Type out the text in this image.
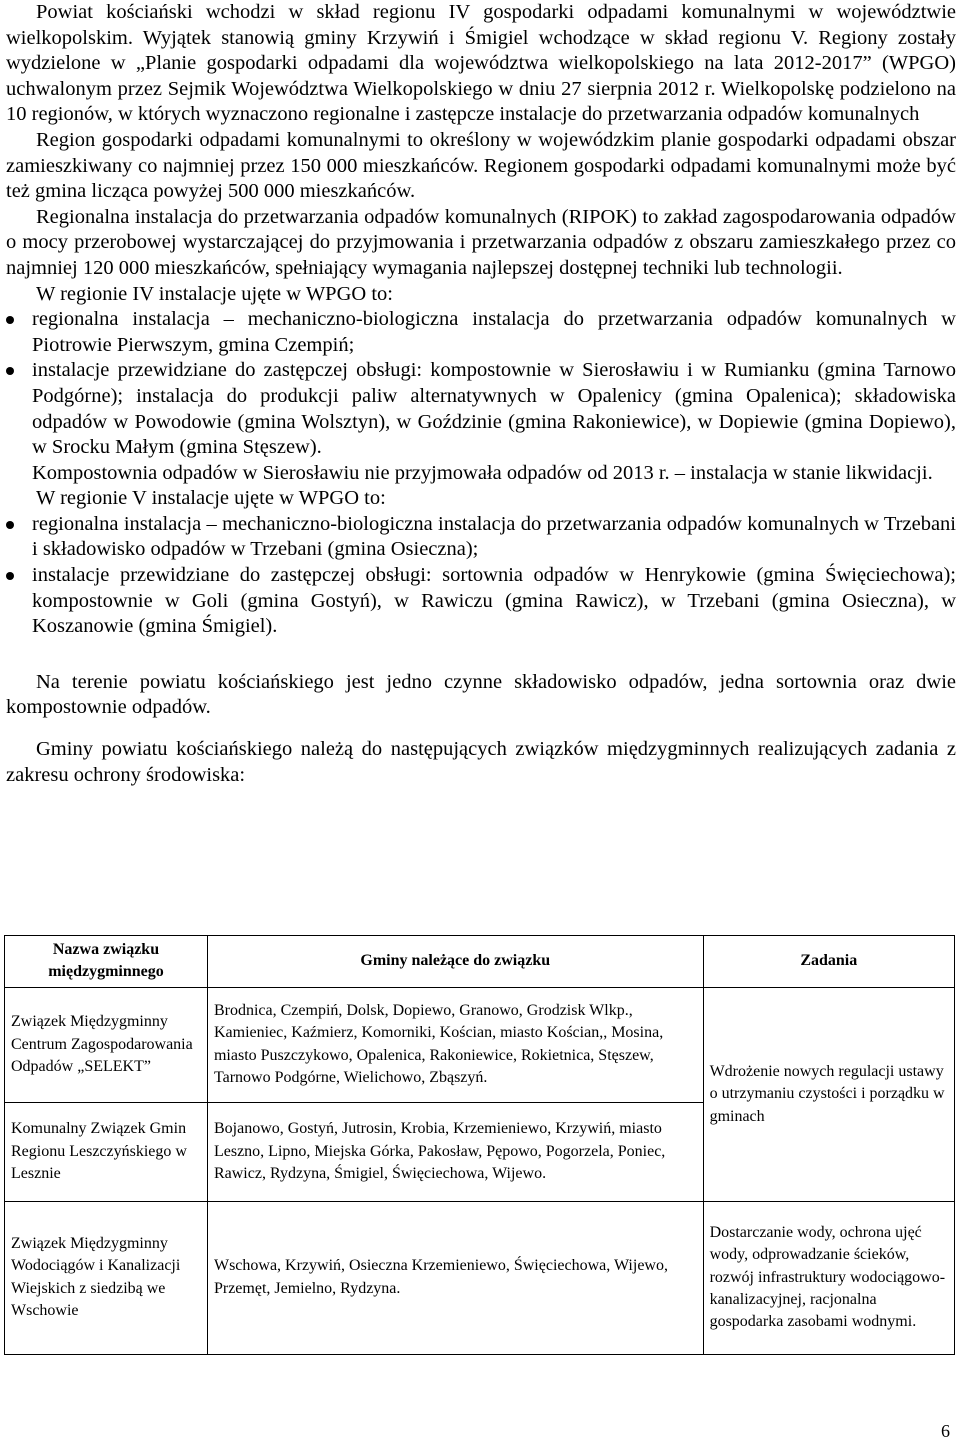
Powiat kościański wchodzi w skład regionu IV gospodarki odpadami komunalnymi w województwie wielkopolskim. Wyjątek stanowią gminy Krzywiń i Śmigiel wchodzące w skład regionu V. Regiony zostały wydzielone w „Planie gospodarki odpadami dla województwa wielkopolskiego na lata 2012-2017” (WPGO) uchwalonym przez Sejmik Województwa Wielkopolskiego w dniu 27 sierpnia 2012 r. Wielkopolskę podzielono na 10 regionów, w których wyznaczono regionalne i zastępcze instalacje do przetwarzania odpadów komunalnych

Region gospodarki odpadami komunalnymi to określony w wojewódzkim planie gospodarki odpadami obszar zamieszkiwany co najmniej przez 150 000 mieszkańców. Regionem gospodarki odpadami komunalnymi może być też gmina licząca powyżej 500 000 mieszkańców.

Regionalna instalacja do przetwarzania odpadów komunalnych (RIPOK) to zakład zagospodarowania odpadów o mocy przerobowej wystarczającej do przyjmowania i przetwarzania odpadów z obszaru zamieszkałego przez co najmniej 120 000 mieszkańców, spełniający wymagania najlepszej dostępnej techniki lub technologii.

W regionie IV instalacje ujęte w WPGO to:

regionalna instalacja – mechaniczno-biologiczna instalacja do przetwarzania odpadów komunalnych w Piotrowie Pierwszym, gmina Czempiń;
instalacje przewidziane do zastępczej obsługi: kompostownie w Sierosławiu i w Rumianku (gmina Tarnowo Podgórne); instalacja do produkcji paliw alternatywnych w Opalenicy (gmina Opalenica); składowiska odpadów w Powodowie (gmina Wolsztyn), w Goździnie (gmina Rakoniewice), w Dopiewie (gmina Dopiewo), w Srocku Małym (gmina Stęszew).

Kompostownia odpadów w Sierosławiu nie przyjmowała odpadów od 2013 r. – instalacja w stanie likwidacji.

W regionie V instalacje ujęte w WPGO to:

regionalna instalacja – mechaniczno-biologiczna instalacja do przetwarzania odpadów komunalnych w Trzebani i składowisko odpadów w Trzebani (gmina Osieczna);
instalacje przewidziane do zastępczej obsługi: sortownia odpadów w Henrykowie (gmina Święciechowa); kompostownie w Goli (gmina Gostyń), w Rawiczu (gmina Rawicz), w Trzebani (gmina Osieczna), w Koszanowie (gmina Śmigiel).

Na terenie powiatu kościańskiego jest jedno czynne składowisko odpadów, jedna sortownia oraz dwie kompostownie odpadów.

Gminy powiatu kościańskiego należą do następujących związków międzygminnych realizujących zadania z zakresu ochrony środowiska:

Nazwa związku międzygminnego	Gminy należące do związku	Zadania
Związek Międzygminny Centrum Zagospodarowania Odpadów „SELEKT”	Brodnica, Czempiń, Dolsk, Dopiewo, Granowo, Grodzisk Wlkp., Kamieniec, Kaźmierz, Komorniki, Kościan, miasto Kościan,, Mosina, miasto Puszczykowo, Opalenica, Rakoniewice, Rokietnica, Stęszew, Tarnowo Podgórne, Wielichowo, Zbąszyń.	Wdrożenie nowych regulacji ustawy o utrzymaniu czystości i porządku w gminach
Komunalny Związek Gmin Regionu Leszczyńskiego w Lesznie	Bojanowo, Gostyń, Jutrosin, Krobia, Krzemieniewo, Krzywiń, miasto Leszno, Lipno, Miejska Górka, Pakosław, Pępowo, Pogorzela, Poniec, Rawicz, Rydzyna, Śmigiel, Święciechowa, Wijewo.	
Związek Międzygminny Wodociągów i Kanalizacji Wiejskich z siedzibą we Wschowie	Wschowa, Krzywiń, Osieczna Krzemieniewo, Święciechowa, Wijewo, Przemęt, Jemielno, Rydzyna.	Dostarczanie wody, ochrona ujęć wody, odprowadzanie ścieków, rozwój infrastruktury wodociągowo-kanalizacyjnej, racjonalna gospodarka zasobami wodnymi.
6
